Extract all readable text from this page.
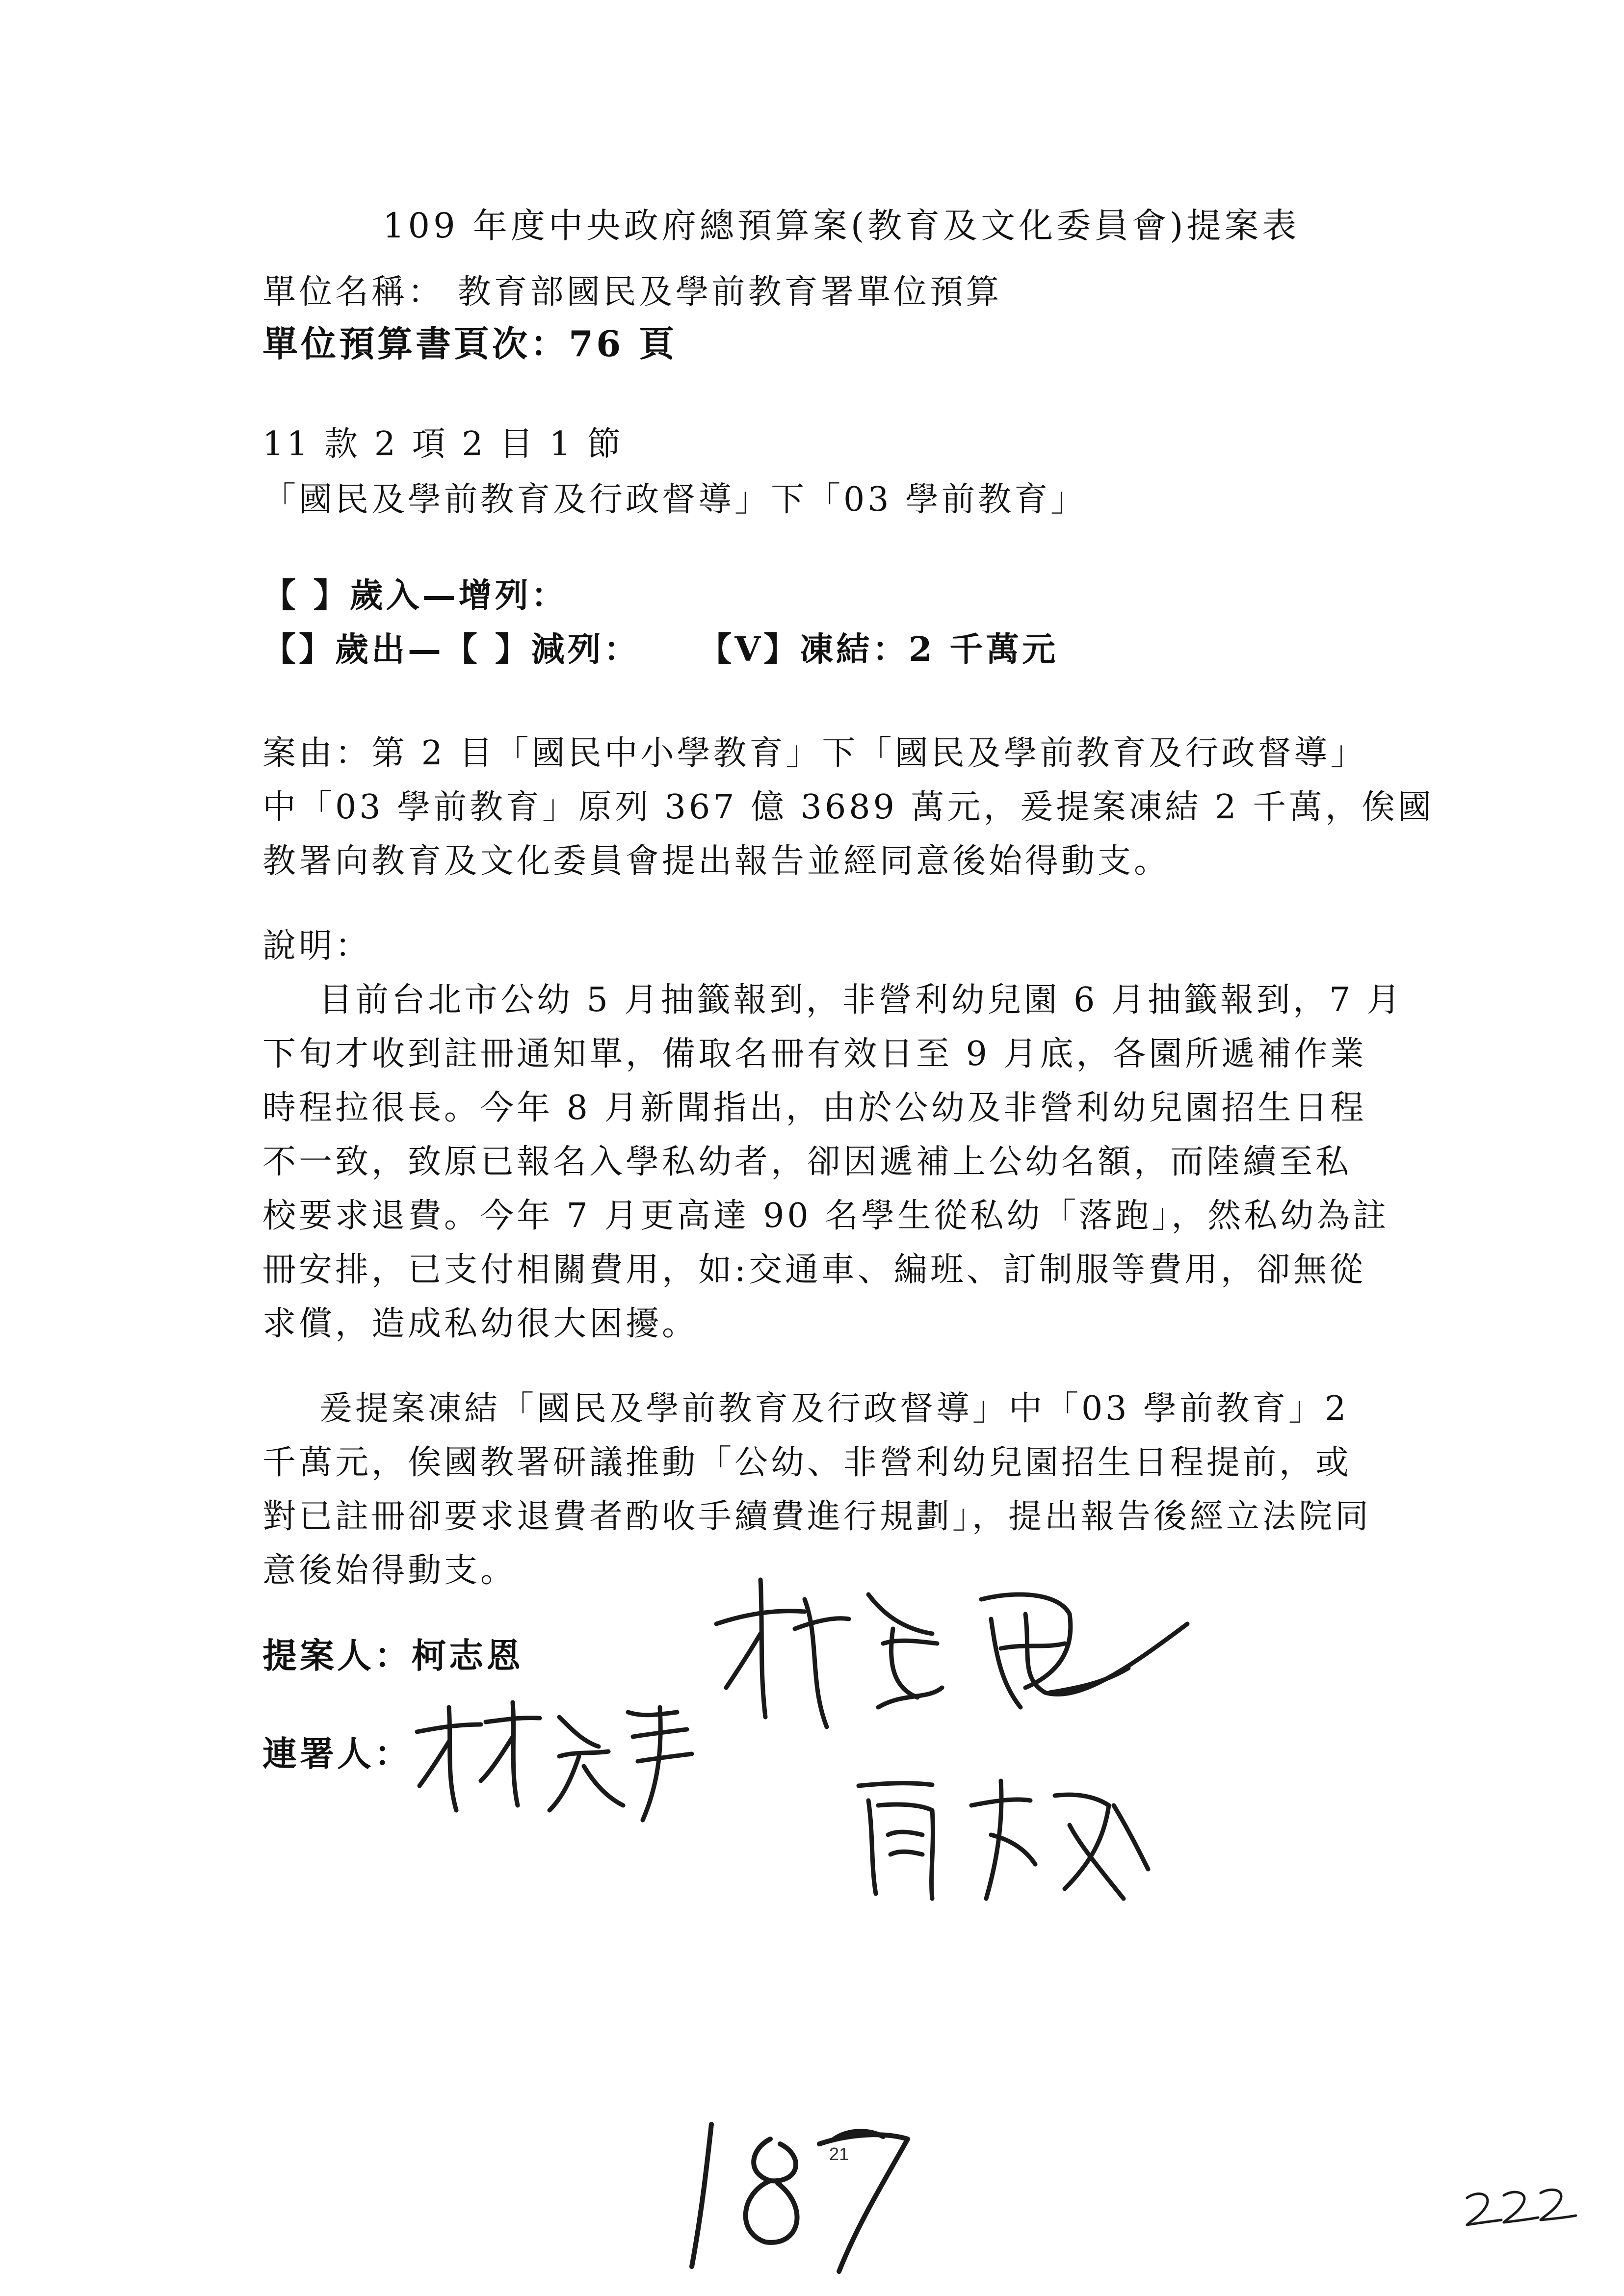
109 年度中央政府總預算案(教育及文化委員會)提案表

單位名稱： 教育部國民及學前教育署單位預算

單位預算書頁次：76 頁

11 款 2 項 2 目 1 節

「國民及學前教育及行政督導」下「03 學前教育」

【 】歲入—增列：

【】歲出—【 】減列：    【V】凍結：2 千萬元

案由：第 2 目「國民中小學教育」下「國民及學前教育及行政督導」

中「03 學前教育」原列 367 億 3689 萬元，爰提案凍結 2 千萬，俟國

教署向教育及文化委員會提出報告並經同意後始得動支。

說明：

目前台北市公幼 5 月抽籤報到，非營利幼兒園 6 月抽籤報到，7 月

下旬才收到註冊通知單，備取名冊有效日至 9 月底，各園所遞補作業

時程拉很長。今年 8 月新聞指出，由於公幼及非營利幼兒園招生日程

不一致，致原已報名入學私幼者，卻因遞補上公幼名額，而陸續至私

校要求退費。今年 7 月更高達 90 名學生從私幼「落跑」，然私幼為註

冊安排，已支付相關費用，如:交通車、編班、訂制服等費用，卻無從

求償，造成私幼很大困擾。

爰提案凍結「國民及學前教育及行政督導」中「03 學前教育」2

千萬元，俟國教署研議推動「公幼、非營利幼兒園招生日程提前，或

對已註冊卻要求退費者酌收手續費進行規劃」，提出報告後經立法院同

意後始得動支。

提案人：柯志恩

連署人：

21
